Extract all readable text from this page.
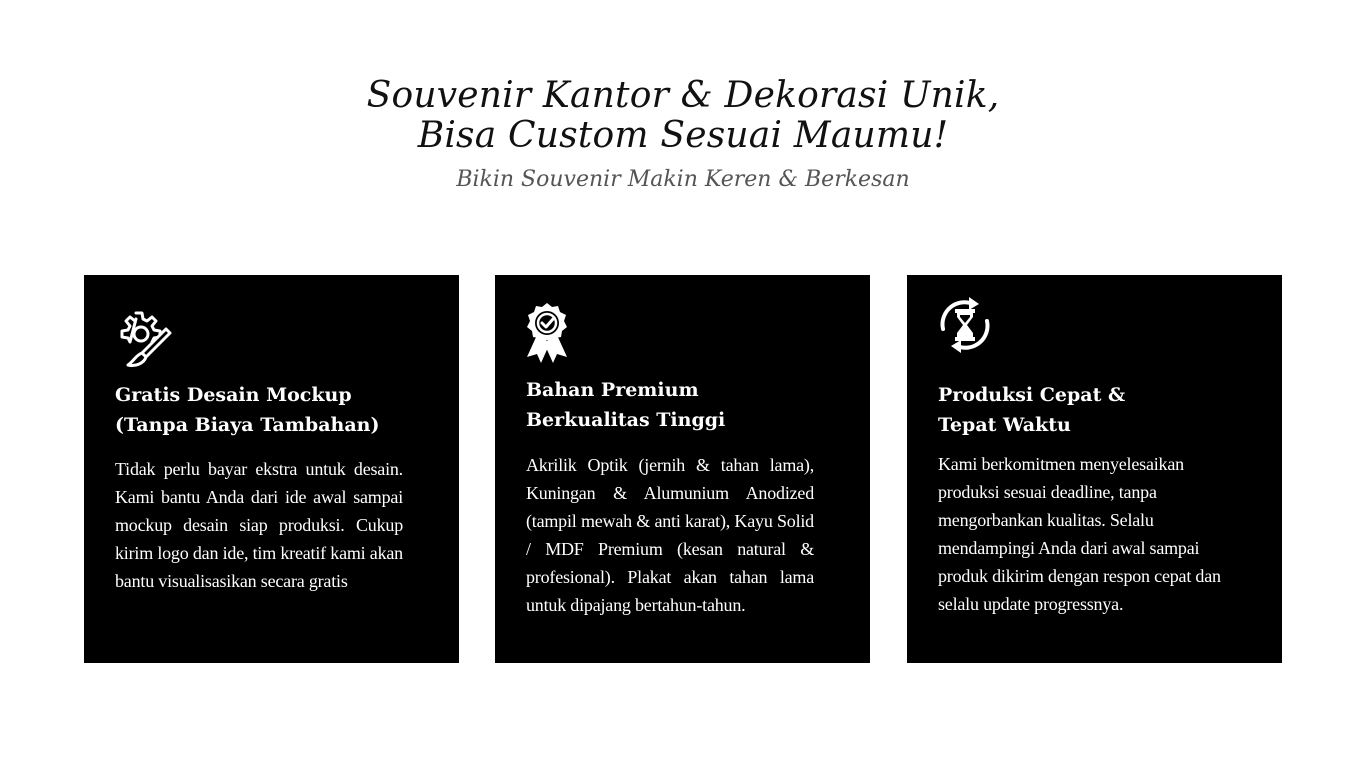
Souvenir Kantor & Dekorasi Unik,
Bisa Custom Sesuai Maumu!
Bikin Souvenir Makin Keren & Berkesan
Gratis Desain Mockup
(Tanpa Biaya Tambahan)
Tidak perlu bayar ekstra untuk desain. Kami bantu Anda dari ide awal sampai mockup desain siap produksi. Cukup kirim logo dan ide, tim kreatif kami akan bantu visualisasikan secara gratis
Bahan Premium
Berkualitas Tinggi
Akrilik Optik (jernih & tahan lama), Kuningan & Alumunium Anodized (tampil mewah & anti karat), Kayu Solid / MDF Premium (kesan natural & profesional). Plakat akan tahan lama untuk dipajang bertahun-tahun.
Produksi Cepat &
Tepat Waktu
Kami berkomitmen menyelesaikan produksi sesuai deadline, tanpa mengorbankan kualitas. Selalu mendampingi Anda dari awal sampai produk dikirim dengan respon cepat dan selalu update progressnya.
